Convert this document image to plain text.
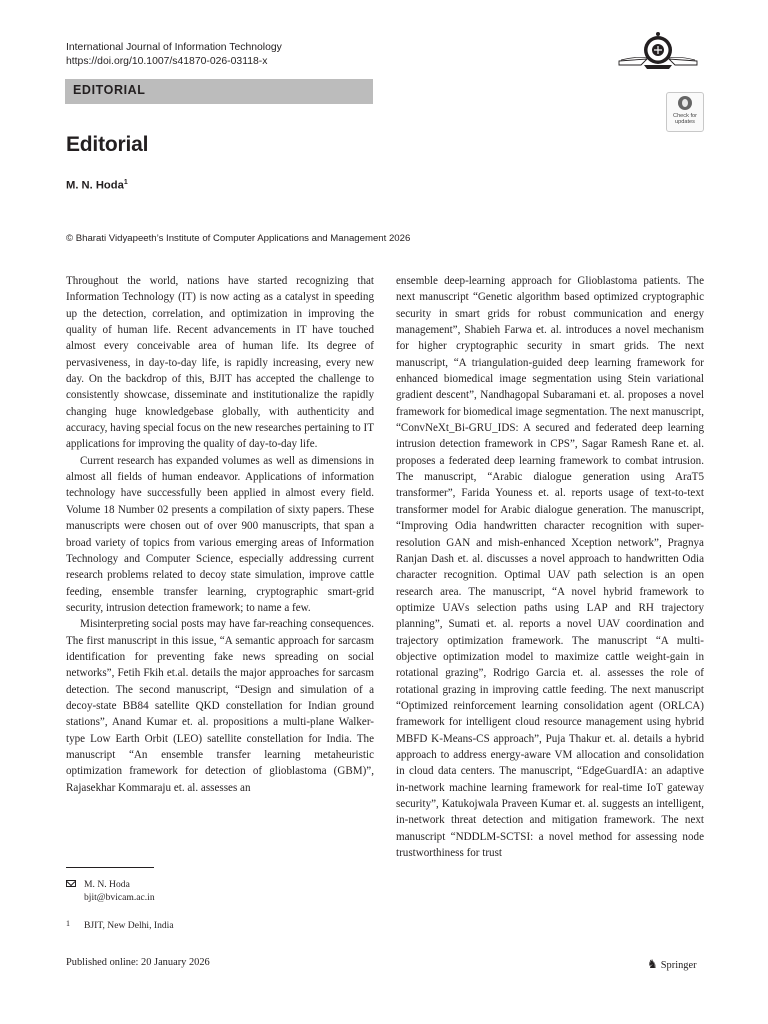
International Journal of Information Technology
https://doi.org/10.1007/s41870-026-03118-x
EDITORIAL
Check for updates
Editorial
M. N. Hoda$^1$
© Bharati Vidyapeeth’s Institute of Computer Applications and Management 2026

Throughout the world, nations have started recognizing that Information Technology (IT) is now acting as a catalyst in speeding up the detection, correlation, and optimization in improving the quality of human life. Recent advancements in IT have touched almost every conceivable area of human life. Its degree of pervasiveness, in day-to-day life, is rapidly increasing, every new day. On the backdrop of this, BJIT has accepted the challenge to consistently showcase, disseminate and institutionalize the rapidly changing huge knowledgebase globally, with authenticity and accuracy, having special focus on the new researches pertaining to IT applications for improving the quality of day-to-day life.

Current research has expanded volumes as well as dimensions in almost all fields of human endeavor. Applications of information technology have successfully been applied in almost every field. Volume 18 Number 02 presents a compilation of sixty papers. These manuscripts were chosen out of over 900 manuscripts, that span a broad variety of topics from various emerging areas of Information Technology and Computer Science, especially addressing current research problems related to decoy state simulation, improve cattle feeding, ensemble transfer learning, cryptographic smart-grid security, intrusion detection framework; to name a few.

Misinterpreting social posts may have far-reaching consequences. The first manuscript in this issue, “A semantic approach for sarcasm identification for preventing fake news spreading on social networks”, Fetih Fkih et.al. details the major approaches for sarcasm detection. The second manuscript, “Design and simulation of a decoy-state BB84 satellite QKD constellation for Indian ground stations”, Anand Kumar et. al. propositions a multi-plane Walker-type Low Earth Orbit (LEO) satellite constellation for India. The manuscript “An ensemble transfer learning metaheuristic optimization framework for detection of glioblastoma (GBM)”, Rajasekhar Kommaraju et. al. assesses an

ensemble deep-learning approach for Glioblastoma patients. The next manuscript “Genetic algorithm based optimized cryptographic security in smart grids for robust communication and energy management”, Shabieh Farwa et. al. introduces a novel mechanism for higher cryptographic security in smart grids. The next manuscript, “A triangulation-guided deep learning framework for enhanced biomedical image segmentation using Stein variational gradient descent”, Nandhagopal Subaramani et. al. proposes a novel framework for biomedical image segmentation. The next manuscript, “ConvNeXt_Bi-GRU_IDS: A secured and federated deep learning intrusion detection framework in CPS”, Sagar Ramesh Rane et. al. proposes a federated deep learning framework to combat intrusion. The manuscript, “Arabic dialogue generation using AraT5 transformer”, Farida Youness et. al. reports usage of text-to-text transformer model for Arabic dialogue generation. The manuscript, “Improving Odia handwritten character recognition with super-resolution GAN and mish-enhanced Xception network”, Pragnya Ranjan Dash et. al. discusses a novel approach to handwritten Odia character recognition. Optimal UAV path selection is an open research area. The manuscript, “A novel hybrid framework to optimize UAVs selection paths using LAP and RH trajectory planning”, Sumati et. al. reports a novel UAV coordination and trajectory optimization framework. The manuscript “A multi-objective optimization model to maximize cattle weight-gain in rotational grazing”, Rodrigo Garcia et. al. assesses the role of rotational grazing in improving cattle feeding. The next manuscript “Optimized reinforcement learning consolidation agent (ORLCA) framework for intelligent cloud resource management using hybrid MBFD K-Means-CS approach”, Puja Thakur et. al. details a hybrid approach to address energy-aware VM allocation and consolidation in cloud data centers. The manuscript, “EdgeGuardIA: an adaptive in-network machine learning framework for real-time IoT gateway security”, Katukojwala Praveen Kumar et. al. suggests an intelligent, in-network threat detection and mitigation framework. The next manuscript “NDDLM-SCTSI: a novel method for assessing node trustworthiness for trust

M. N. Hoda
bjit@bvicam.ac.in
1 BJIT, New Delhi, India
Published online: 20 January 2026	♞ Springer
